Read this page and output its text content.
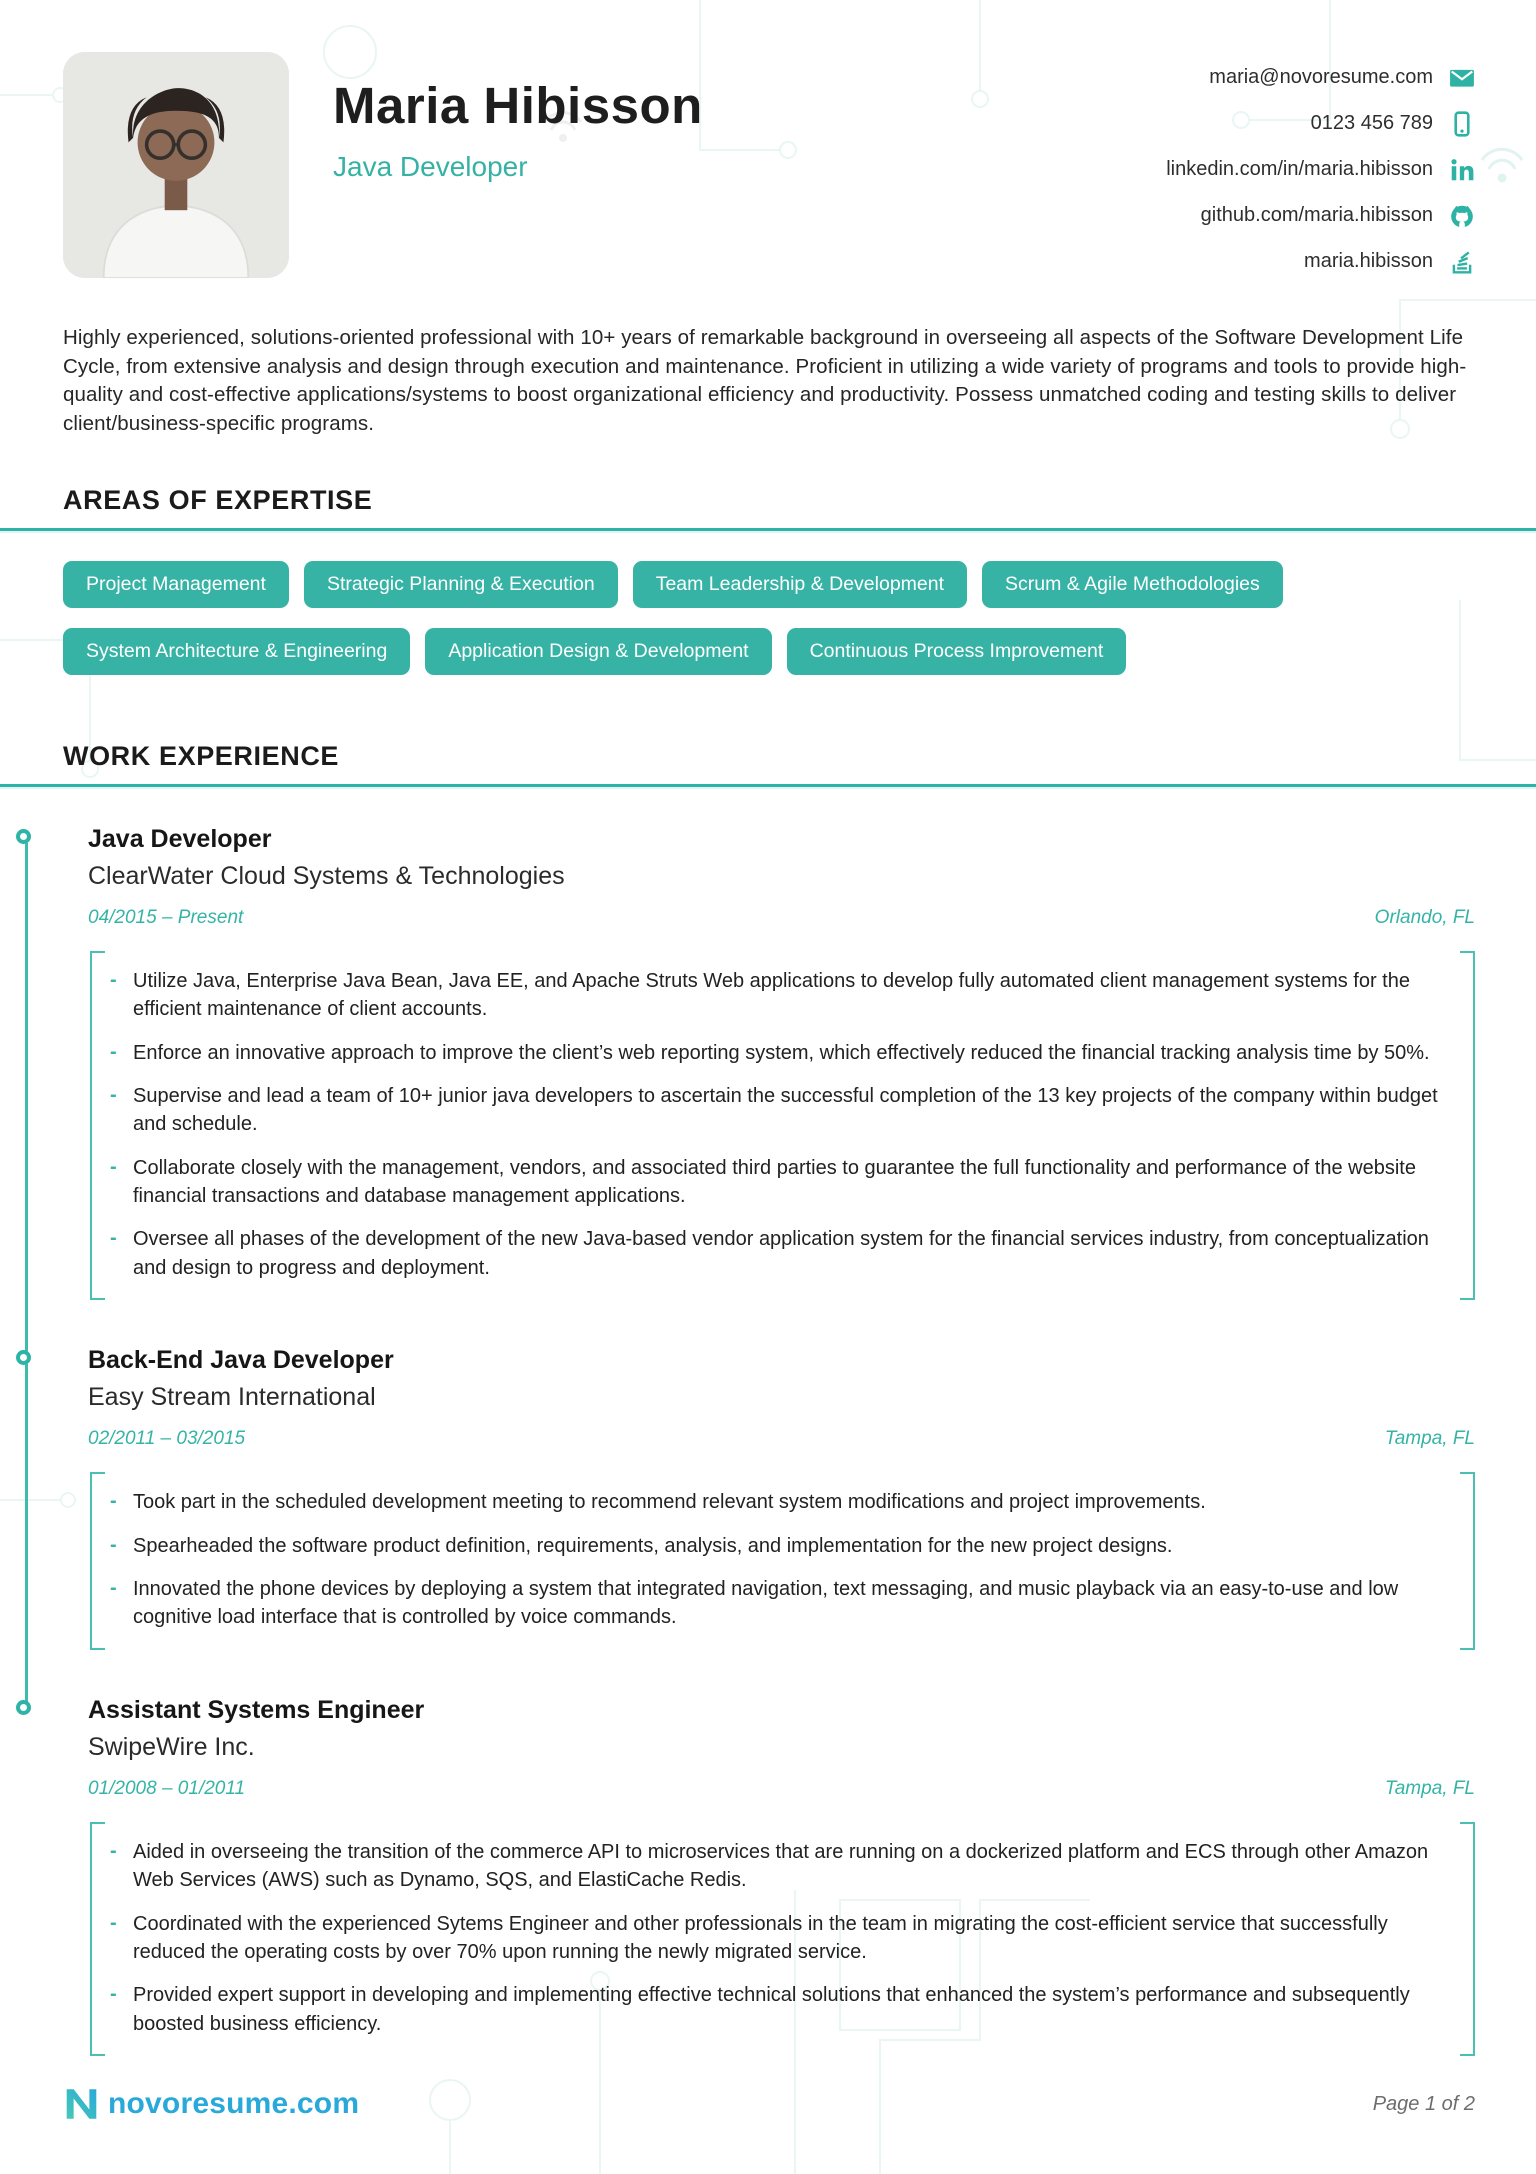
Maria Hibisson
Java Developer
maria@novoresume.com
0123 456 789
linkedin.com/in/maria.hibisson
github.com/maria.hibisson
maria.hibisson

Highly experienced, solutions-oriented professional with 10+ years of remarkable background in overseeing all aspects of the Software Development Life Cycle, from extensive analysis and design through execution and maintenance. Proficient in utilizing a wide variety of programs and tools to provide high-quality and cost-effective applications/systems to boost organizational efficiency and productivity. Possess unmatched coding and testing skills to deliver client/business-specific programs.

AREAS OF EXPERTISE
Project Management	Strategic Planning & Execution	Team Leadership & Development	Scrum & Agile Methodologies
System Architecture & Engineering	Application Design & Development	Continuous Process Improvement
WORK EXPERIENCE
Java Developer
ClearWater Cloud Systems & Technologies
04/2015 – Present	Orlando, FL
- Utilize Java, Enterprise Java Bean, Java EE, and Apache Struts Web applications to develop fully automated client management systems for the efficient maintenance of client accounts.
- Enforce an innovative approach to improve the client’s web reporting system, which effectively reduced the financial tracking analysis time by 50%.
- Supervise and lead a team of 10+ junior java developers to ascertain the successful completion of the 13 key projects of the company within budget and schedule.
- Collaborate closely with the management, vendors, and associated third parties to guarantee the full functionality and performance of the website financial transactions and database management applications.
- Oversee all phases of the development of the new Java-based vendor application system for the financial services industry, from conceptualization and design to progress and deployment.
Back-End Java Developer
Easy Stream International
02/2011 – 03/2015	Tampa, FL
- Took part in the scheduled development meeting to recommend relevant system modifications and project improvements.
- Spearheaded the software product definition, requirements, analysis, and implementation for the new project designs.
- Innovated the phone devices by deploying a system that integrated navigation, text messaging, and music playback via an easy-to-use and low cognitive load interface that is controlled by voice commands.
Assistant Systems Engineer
SwipeWire Inc.
01/2008 – 01/2011	Tampa, FL
- Aided in overseeing the transition of the commerce API to microservices that are running on a dockerized platform and ECS through other Amazon Web Services (AWS) such as Dynamo, SQS, and ElastiCache Redis.
- Coordinated with the experienced Sytems Engineer and other professionals in the team in migrating the cost-efficient service that successfully reduced the operating costs by over 70% upon running the newly migrated service.
- Provided expert support in developing and implementing effective technical solutions that enhanced the system’s performance and subsequently boosted business efficiency.
novoresume.com	Page 1 of 2
